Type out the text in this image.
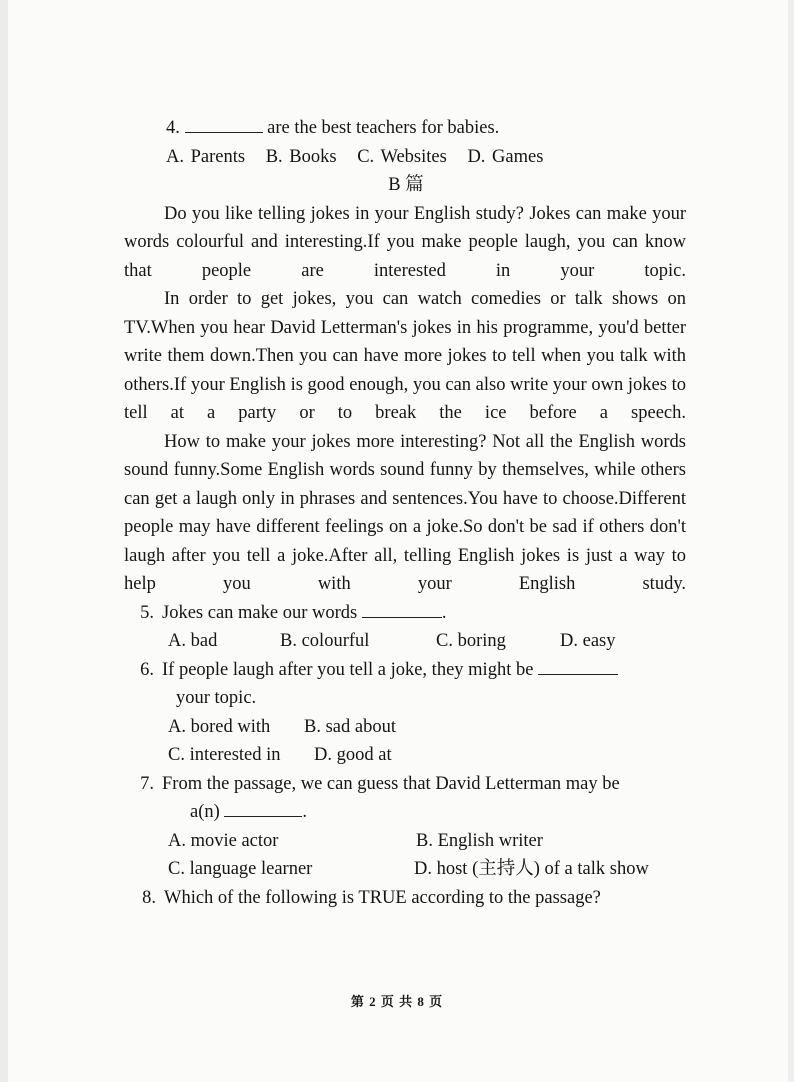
4.	are the best teachers for babies.
A. Parents B. Books C. Websites D. Games
B 篇
Do you like telling jokes in your English study? Jokes can make your words colourful and interesting.If you make people laugh, you can know that people are interested in your topic.
In order to get jokes, you can watch comedies or talk shows on TV.When you hear David Letterman's jokes in his programme, you'd better write them down.Then you can have more jokes to tell when you talk with others.If your English is good enough, you can also write your own jokes to tell at a party or to break the ice before a speech.
How to make your jokes more interesting? Not all the English words sound funny.Some English words sound funny by themselves, while others can get a laugh only in phrases and sentences.You have to choose.Different people may have different feelings on a joke.So don't be sad if others don't laugh after you tell a joke.After all, telling English jokes is just a way to help you with your English study.
5. Jokes can make our words	.
A. bad	B. colourful	C. boring	D. easy
6. If people laugh after you tell a joke, they might be
your topic.
A. bored with B. sad about
C. interested in D. good at
7. From the passage, we can guess that David Letterman may be
a(n)	.
A. movie actor	B. English writer
C. language learner	D. host (主持人) of a talk show
8. Which of the following is TRUE according to the passage?
第 2 页 共 8 页
